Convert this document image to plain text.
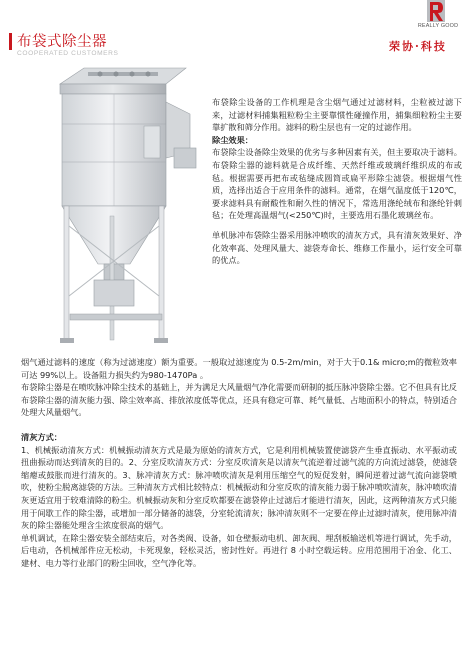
布袋式除尘器
COOPERATED CUSTOMERS
REALLY GOOD
荣协·科技

布袋除尘设备的工作机理是含尘烟气通过过滤材料，尘粒被过滤下来，过滤材料捕集粗粒粉尘主要靠惯性碰撞作用，捕集细粒粉尘主要靠扩散和筛分作用。滤料的粉尘层也有一定的过滤作用。

除尘效果：

布袋除尘设备除尘效果的优劣与多种因素有关，但主要取决于滤料。布袋除尘器的滤料就是合成纤维、天然纤维或玻璃纤维织成的布或毡。根据需要再把布或毡缝成圆筒或扁平形除尘滤袋。根据烟气性质，选择出适合于应用条件的滤料。通常，在烟气温度低于120℃，要求滤料具有耐酸性和耐久性的情况下，常选用涤纶绒布和涤纶针刺毡；在处理高温烟气(<250℃)时，主要选用石墨化玻璃丝布。

单机脉冲布袋除尘器采用脉冲喷吹的清灰方式，具有清灰效果好、净化效率高、处理风量大、滤袋寿命长、维修工作量小，运行安全可靠的优点。

烟气通过滤料的速度（称为过滤速度）额为重要。一般取过滤速度为 0.5-2m/min，对于大于0.1& micro;m的微粒效率可达 99%以上。设备阻力损失约为980-1470Pa 。

布袋除尘器是在喷吹脉冲除尘技术的基础上，并为满足大风量烟气净化需要而研制的抵压脉冲袋除尘器。它不但具有比反布袋除尘器的清灰能力强、除尘效率高、排放浓度低等优点，还具有稳定可靠、耗气量低、占地面积小的特点，特别适合处理大风量烟气。

清灰方式：

1、机械振动清灰方式：机械振动清灰方式是最为原始的清灰方式，它是利用机械装置使滤袋产生垂直振动、水平振动或扭曲振动而达到清灰的目的。2、分室反吹清灰方式：分室反吹清灰是以清灰气流逆着过滤气流的方向流过滤袋，使滤袋缩瘪或鼓胀而进行清灰的。3、脉冲清灰方式：脉冲喷吹清灰是利用压缩空气的短促发射，瞬间逆着过滤气流向滤袋喷吹，使粉尘脱离滤袋的方法。三种清灰方式相比较特点：机械振动和分室反吹的清灰能力弱于脉冲喷吹清灰，脉冲喷吹清灰更适宜用于较难清除的粉尘。机械振动灰和分室反吹都要在滤袋停止过滤后才能进行清灰，因此，这两种清灰方式只能用于间歇工作的除尘器，或增加一部分储备的滤袋，分室轮流清灰；脉冲清灰则不一定要在停止过滤时清灰，使用脉冲清灰的除尘器能处理含尘浓度很高的烟气。

单机调试，在除尘器安装全部结束后，对各类阀、设备，如仓壁振动电机、卸灰阀、埋刮板输送机等进行调试，先手动，后电动，各机械部件应无松动，卡死现象，轻松灵活，密封性好。再进行 8 小时空载运转。应用范围用于冶金、化工、建材、电力等行业部门的粉尘回收，空气净化等。
